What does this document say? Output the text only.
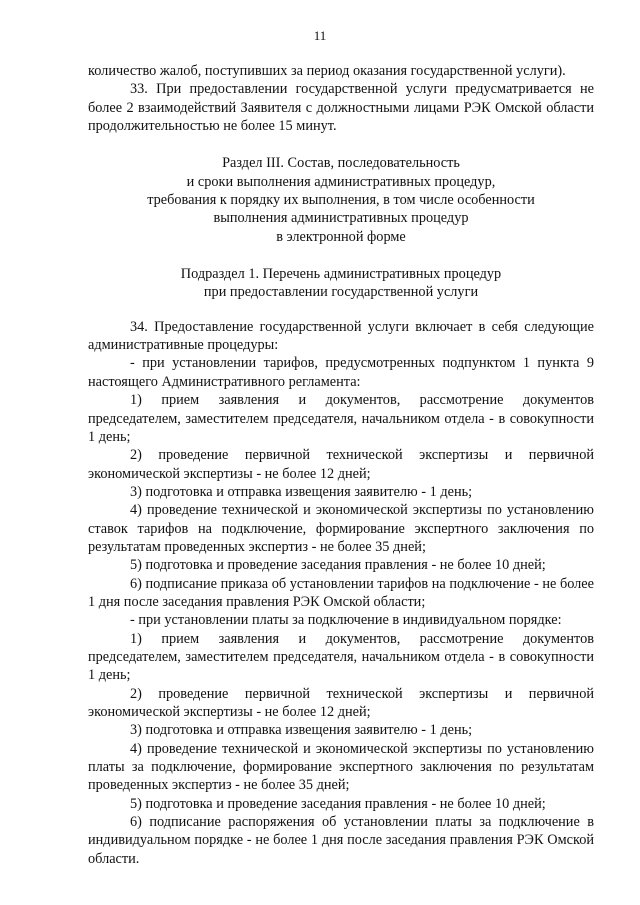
11

количество жалоб, поступивших за период оказания государственной услуги).

33. При предоставлении государственной услуги предусматривается не более 2 взаимодействий Заявителя с должностными лицами РЭК Омской области продолжительностью не более 15 минут.

Раздел III. Состав, последовательность

и сроки выполнения административных процедур,

требования к порядку их выполнения, в том числе особенности

выполнения административных процедур

в электронной форме

Подраздел 1. Перечень административных процедур

при предоставлении государственной услуги

34. Предоставление государственной услуги включает в себя следующие административные процедуры:

- при установлении тарифов, предусмотренных подпунктом 1 пункта 9 настоящего Административного регламента:

1) прием заявления и документов, рассмотрение документов председателем, заместителем председателя, начальником отдела - в совокупности 1 день;

2) проведение первичной технической экспертизы и первичной экономической экспертизы - не более 12 дней;

3) подготовка и отправка извещения заявителю - 1 день;

4) проведение технической и экономической экспертизы по установлению ставок тарифов на подключение, формирование экспертного заключения по результатам проведенных экспертиз - не более 35 дней;

5) подготовка и проведение заседания правления - не более 10 дней;

6) подписание приказа об установлении тарифов на подключение - не более 1 дня после заседания правления РЭК Омской области;

- при установлении платы за подключение в индивидуальном порядке:

1) прием заявления и документов, рассмотрение документов председателем, заместителем председателя, начальником отдела - в совокупности 1 день;

2) проведение первичной технической экспертизы и первичной экономической экспертизы - не более 12 дней;

3) подготовка и отправка извещения заявителю - 1 день;

4) проведение технической и экономической экспертизы по установлению платы за подключение, формирование экспертного заключения по результатам проведенных экспертиз - не более 35 дней;

5) подготовка и проведение заседания правления - не более 10 дней;

6) подписание распоряжения об установлении платы за подключение в индивидуальном порядке - не более 1 дня после заседания правления РЭК Омской области.
